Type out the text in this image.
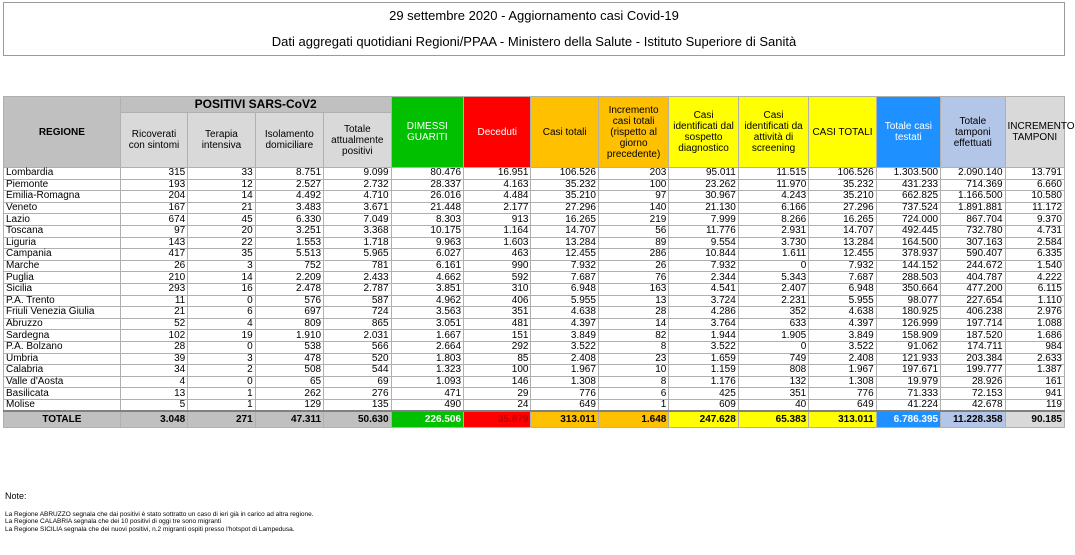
29 settembre 2020 - Aggiornamento casi Covid-19
Dati aggregati quotidiani Regioni/PPAA - Ministero della Salute - Istituto Superiore di Sanità
REGIONE	POSITIVI SARS-CoV2				DIMESSI GUARITI	Deceduti	Casi totali	Incremento casi totali (rispetto al giorno precedente)	Casi identificati dal sospetto diagnostico	Casi identificati da attività di screening	CASI TOTALI	Totale casi testati	Totale tamponi effettuati	INCREMENTO TAMPONI
	Ricoverati con sintomi	Terapia intensiva	Isolamento domiciliare	Totale attualmente positivi										
Lombardia	315	33	8.751	9.099	80.476	16.951	106.526	203	95.011	11.515	106.526	1.303.500	2.090.140	13.791
Piemonte	193	12	2.527	2.732	28.337	4.163	35.232	100	23.262	11.970	35.232	431.233	714.369	6.660
Emilia-Romagna	204	14	4.492	4.710	26.016	4.484	35.210	97	30.967	4.243	35.210	662.825	1.166.500	10.580
Veneto	167	21	3.483	3.671	21.448	2.177	27.296	140	21.130	6.166	27.296	737.524	1.891.881	11.172
Lazio	674	45	6.330	7.049	8.303	913	16.265	219	7.999	8.266	16.265	724.000	867.704	9.370
Toscana	97	20	3.251	3.368	10.175	1.164	14.707	56	11.776	2.931	14.707	492.445	732.780	4.731
Liguria	143	22	1.553	1.718	9.963	1.603	13.284	89	9.554	3.730	13.284	164.500	307.163	2.584
Campania	417	35	5.513	5.965	6.027	463	12.455	286	10.844	1.611	12.455	378.937	590.407	6.335
Marche	26	3	752	781	6.161	990	7.932	26	7.932	0	7.932	144.152	244.672	1.540
Puglia	210	14	2.209	2.433	4.662	592	7.687	76	2.344	5.343	7.687	288.503	404.787	4.222
Sicilia	293	16	2.478	2.787	3.851	310	6.948	163	4.541	2.407	6.948	350.664	477.200	6.115
P.A. Trento	11	0	576	587	4.962	406	5.955	13	3.724	2.231	5.955	98.077	227.654	1.110
Friuli Venezia Giulia	21	6	697	724	3.563	351	4.638	28	4.286	352	4.638	180.925	406.238	2.976
Abruzzo	52	4	809	865	3.051	481	4.397	14	3.764	633	4.397	126.999	197.714	1.088
Sardegna	102	19	1.910	2.031	1.667	151	3.849	82	1.944	1.905	3.849	158.909	187.520	1.686
P.A. Bolzano	28	0	538	566	2.664	292	3.522	8	3.522	0	3.522	91.062	174.711	984
Umbria	39	3	478	520	1.803	85	2.408	23	1.659	749	2.408	121.933	203.384	2.633
Calabria	34	2	508	544	1.323	100	1.967	10	1.159	808	1.967	197.671	199.777	1.387
Valle d'Aosta	4	0	65	69	1.093	146	1.308	8	1.176	132	1.308	19.979	28.926	161
Basilicata	13	1	262	276	471	29	776	6	425	351	776	71.333	72.153	941
Molise	5	1	129	135	490	24	649	1	609	40	649	41.224	42.678	119
TOTALE	3.048	271	47.311	50.630	226.506	35.879	313.011	1.648	247.628	65.383	313.011	6.786.395	11.228.358	90.185
Note:
La Regione ABRUZZO segnala che dai positivi è stato sottratto un caso di ieri già in carico ad altra regione.
La Regione CALABRIA segnala che dei 10 positivi di oggi tre sono migranti
La Regione SICILIA segnala che dei nuovi positivi, n.2 migranti ospiti presso l'hotspot di Lampedusa.
